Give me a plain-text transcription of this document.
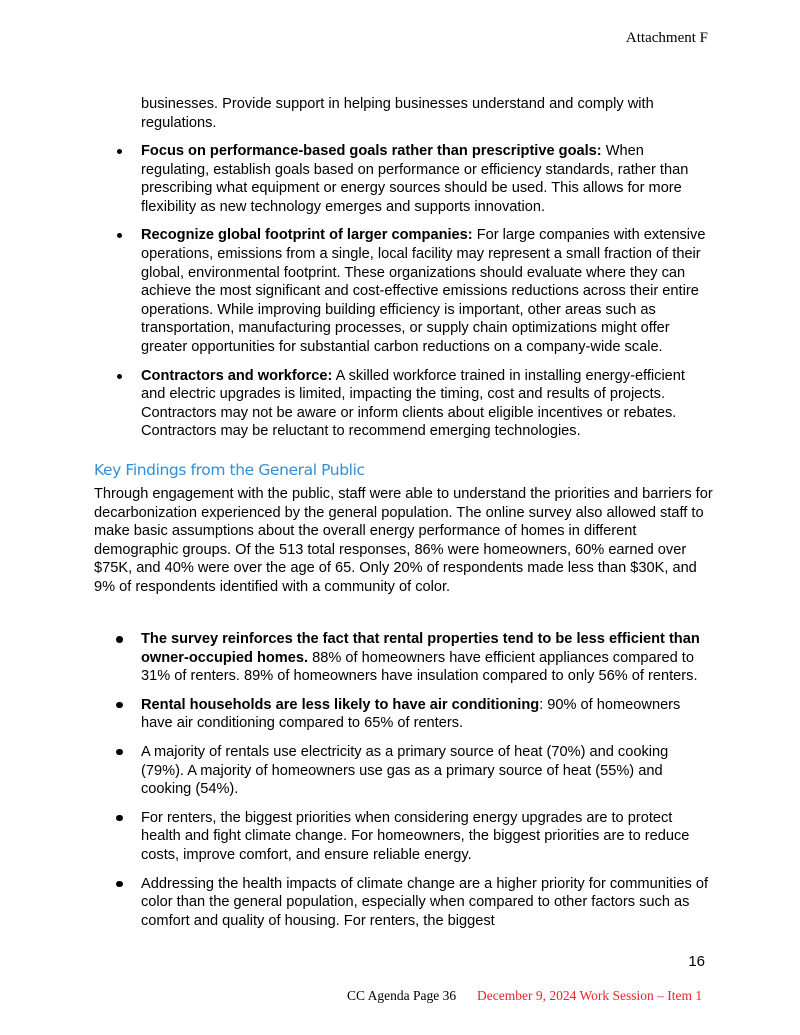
Attachment F
businesses. Provide support in helping businesses understand and comply with regulations.
Focus on performance-based goals rather than prescriptive goals: When regulating, establish goals based on performance or efficiency standards, rather than prescribing what equipment or energy sources should be used. This allows for more flexibility as new technology emerges and supports innovation.
Recognize global footprint of larger companies: For large companies with extensive operations, emissions from a single, local facility may represent a small fraction of their global, environmental footprint. These organizations should evaluate where they can achieve the most significant and cost-effective emissions reductions across their entire operations. While improving building efficiency is important, other areas such as transportation, manufacturing processes, or supply chain optimizations might offer greater opportunities for substantial carbon reductions on a company-wide scale.
Contractors and workforce: A skilled workforce trained in installing energy-efficient and electric upgrades is limited, impacting the timing, cost and results of projects. Contractors may not be aware or inform clients about eligible incentives or rebates. Contractors may be reluctant to recommend emerging technologies.
Key Findings from the General Public
Through engagement with the public, staff were able to understand the priorities and barriers for decarbonization experienced by the general population. The online survey also allowed staff to make basic assumptions about the overall energy performance of homes in different demographic groups. Of the 513 total responses, 86% were homeowners, 60% earned over $75K, and 40% were over the age of 65. Only 20% of respondents made less than $30K, and 9% of respondents identified with a community of color.
The survey reinforces the fact that rental properties tend to be less efficient than owner-occupied homes. 88% of homeowners have efficient appliances compared to 31% of renters. 89% of homeowners have insulation compared to only 56% of renters.
Rental households are less likely to have air conditioning: 90% of homeowners have air conditioning compared to 65% of renters.
A majority of rentals use electricity as a primary source of heat (70%) and cooking (79%). A majority of homeowners use gas as a primary source of heat (55%) and cooking (54%).
For renters, the biggest priorities when considering energy upgrades are to protect health and fight climate change. For homeowners, the biggest priorities are to reduce costs, improve comfort, and ensure reliable energy.
Addressing the health impacts of climate change are a higher priority for communities of color than the general population, especially when compared to other factors such as comfort and quality of housing. For renters, the biggest
16
CC Agenda Page 36 December 9, 2024 Work Session – Item 1
